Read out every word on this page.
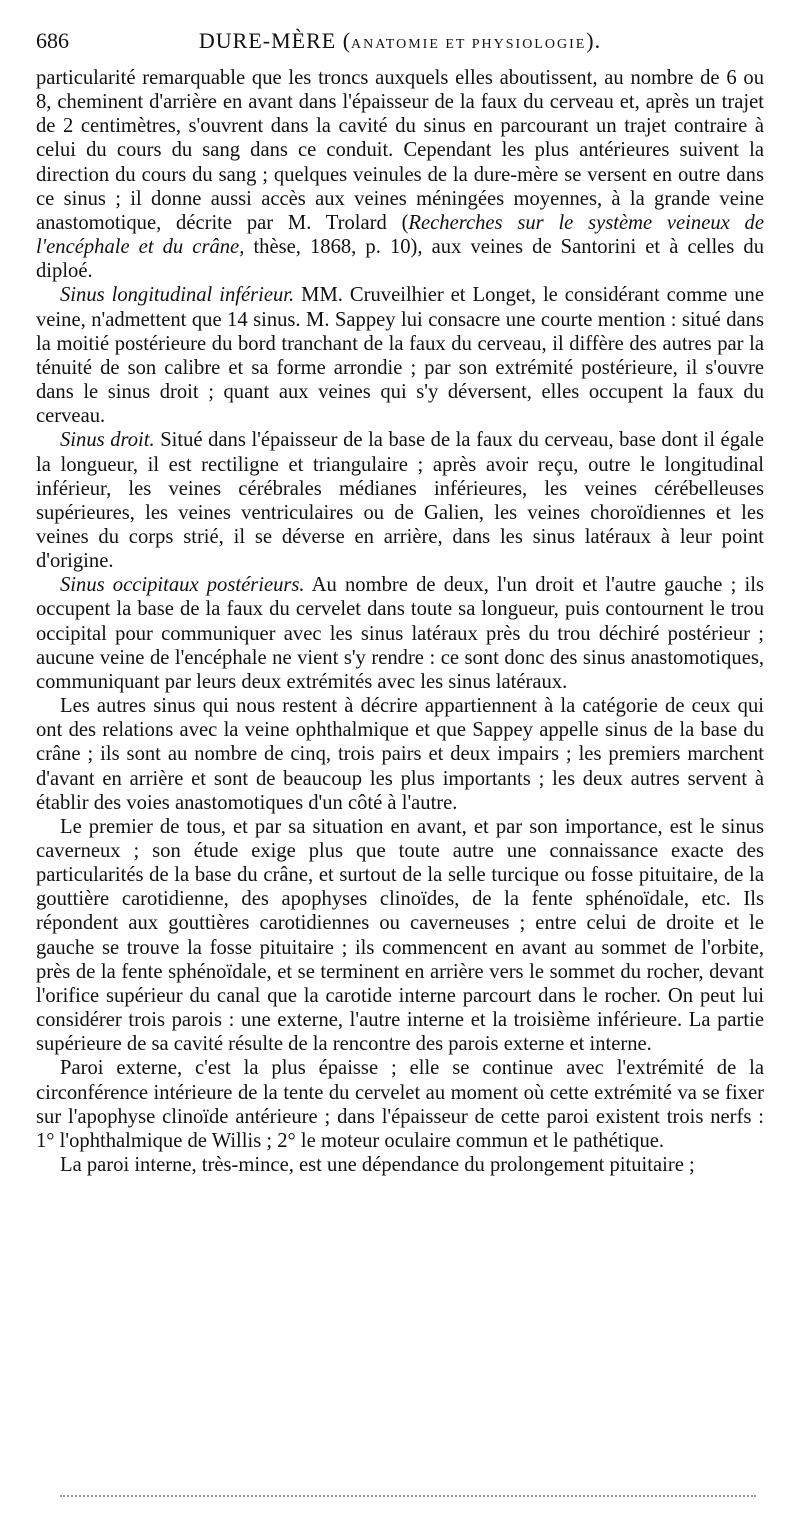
686	DURE-MÈRE (ANATOMIE ET PHYSIOLOGIE).

particularité remarquable que les troncs auxquels elles aboutissent, au nombre de 6 ou 8, cheminent d'arrière en avant dans l'épaisseur de la faux du cerveau et, après un trajet de 2 centimètres, s'ouvrent dans la cavité du sinus en parcourant un trajet contraire à celui du cours du sang dans ce conduit. Cependant les plus antérieures suivent la direction du cours du sang ; quelques veinules de la dure-mère se versent en outre dans ce sinus ; il donne aussi accès aux veines méningées moyennes, à la grande veine anastomotique, décrite par M. Trolard (Recherches sur le système veineux de l'encéphale et du crâne, thèse, 1868, p. 10), aux veines de Santorini et à celles du diploé.

Sinus longitudinal inférieur. MM. Cruveilhier et Longet, le considérant comme une veine, n'admettent que 14 sinus. M. Sappey lui consacre une courte mention : situé dans la moitié postérieure du bord tranchant de la faux du cerveau, il diffère des autres par la ténuité de son calibre et sa forme arrondie ; par son extrémité postérieure, il s'ouvre dans le sinus droit ; quant aux veines qui s'y déversent, elles occupent la faux du cerveau.

Sinus droit. Situé dans l'épaisseur de la base de la faux du cerveau, base dont il égale la longueur, il est rectiligne et triangulaire ; après avoir reçu, outre le longitudinal inférieur, les veines cérébrales médianes inférieures, les veines cérébelleuses supérieures, les veines ventriculaires ou de Galien, les veines choroïdiennes et les veines du corps strié, il se déverse en arrière, dans les sinus latéraux à leur point d'origine.

Sinus occipitaux postérieurs. Au nombre de deux, l'un droit et l'autre gauche ; ils occupent la base de la faux du cervelet dans toute sa longueur, puis contournent le trou occipital pour communiquer avec les sinus latéraux près du trou déchiré postérieur ; aucune veine de l'encéphale ne vient s'y rendre : ce sont donc des sinus anastomotiques, communiquant par leurs deux extrémités avec les sinus latéraux.

Les autres sinus qui nous restent à décrire appartiennent à la catégorie de ceux qui ont des relations avec la veine ophthalmique et que Sappey appelle sinus de la base du crâne ; ils sont au nombre de cinq, trois pairs et deux impairs ; les premiers marchent d'avant en arrière et sont de beaucoup les plus importants ; les deux autres servent à établir des voies anastomotiques d'un côté à l'autre.

Le premier de tous, et par sa situation en avant, et par son importance, est le sinus caverneux ; son étude exige plus que toute autre une connaissance exacte des particularités de la base du crâne, et surtout de la selle turcique ou fosse pituitaire, de la gouttière carotidienne, des apophyses clinoïdes, de la fente sphénoïdale, etc. Ils répondent aux gouttières carotidiennes ou caverneuses ; entre celui de droite et le gauche se trouve la fosse pituitaire ; ils commencent en avant au sommet de l'orbite, près de la fente sphénoïdale, et se terminent en arrière vers le sommet du rocher, devant l'orifice supérieur du canal que la carotide interne parcourt dans le rocher. On peut lui considérer trois parois : une externe, l'autre interne et la troisième inférieure. La partie supérieure de sa cavité résulte de la rencontre des parois externe et interne.

Paroi externe, c'est la plus épaisse ; elle se continue avec l'extrémité de la circonférence intérieure de la tente du cervelet au moment où cette extrémité va se fixer sur l'apophyse clinoïde antérieure ; dans l'épaisseur de cette paroi existent trois nerfs : 1° l'ophthalmique de Willis ; 2° le moteur oculaire commun et le pathétique.

La paroi interne, très-mince, est une dépendance du prolongement pituitaire ;
